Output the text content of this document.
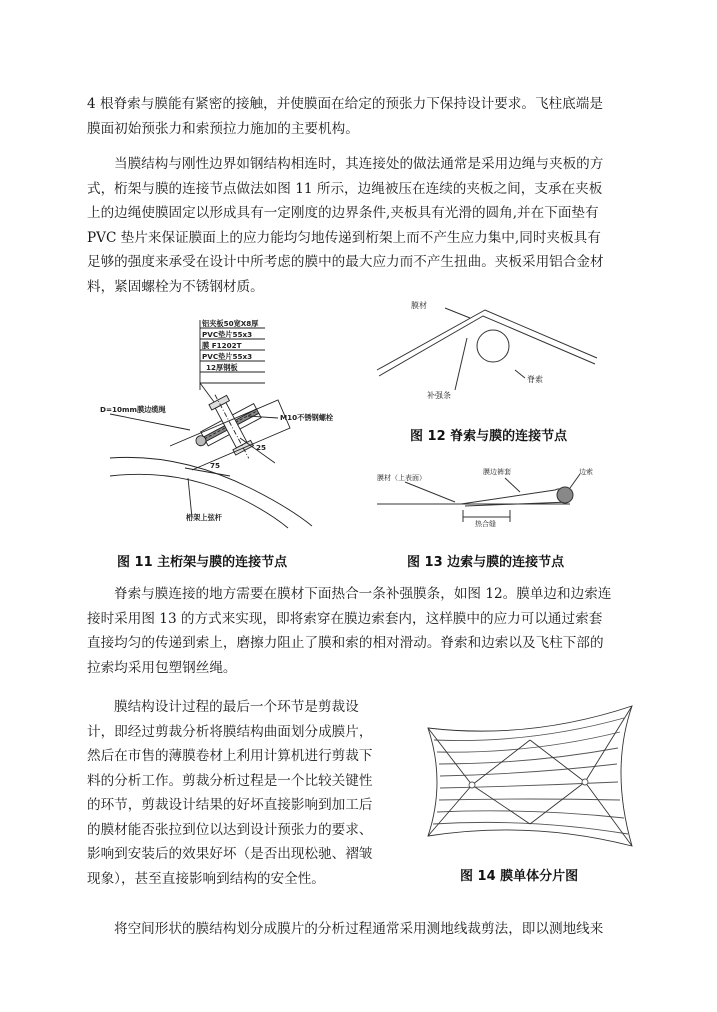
4 根脊索与膜能有紧密的接触，并使膜面在给定的预张力下保持设计要求。飞柱底端是
膜面初始预张力和索预拉力施加的主要机构。
当膜结构与刚性边界如钢结构相连时，其连接处的做法通常是采用边绳与夹板的方
式，桁架与膜的连接节点做法如图 11 所示，边绳被压在连续的夹板之间，支承在夹板
上的边绳使膜固定以形成具有一定刚度的边界条件,夹板具有光滑的圆角,并在下面垫有
PVC 垫片来保证膜面上的应力能均匀地传递到桁架上而不产生应力集中,同时夹板具有
足够的强度来承受在设计中所考虑的膜中的最大应力而不产生扭曲。夹板采用铝合金材
料，紧固螺栓为不锈钢材质。
铝夹板50宽X8厚
PVC垫片55x3
膜 F1202T
PVC垫片55x3
12厚钢板
D=10mm膜边缆绳
M10不锈钢螺栓
25
75
桁架上弦杆
膜材
脊索
补强条
图 12 脊索与膜的连接节点
膜材（上表面）
膜边裤套	边索
热合缝
图 11 主桁架与膜的连接节点	图 13 边索与膜的连接节点
脊索与膜连接的地方需要在膜材下面热合一条补强膜条，如图 12。膜单边和边索连
接时采用图 13 的方式来实现，即将索穿在膜边索套内，这样膜中的应力可以通过索套
直接均匀的传递到索上，磨擦力阻止了膜和索的相对滑动。脊索和边索以及飞柱下部的
拉索均采用包塑钢丝绳。
膜结构设计过程的最后一个环节是剪裁设
计，即经过剪裁分析将膜结构曲面划分成膜片，
然后在市售的薄膜卷材上利用计算机进行剪裁下
料的分析工作。剪裁分析过程是一个比较关键性
的环节，剪裁设计结果的好坏直接影响到加工后
的膜材能否张拉到位以达到设计预张力的要求、
影响到安装后的效果好坏（是否出现松驰、褶皱
现象），甚至直接影响到结构的安全性。	图 14 膜单体分片图
将空间形状的膜结构划分成膜片的分析过程通常采用测地线裁剪法，即以测地线来
